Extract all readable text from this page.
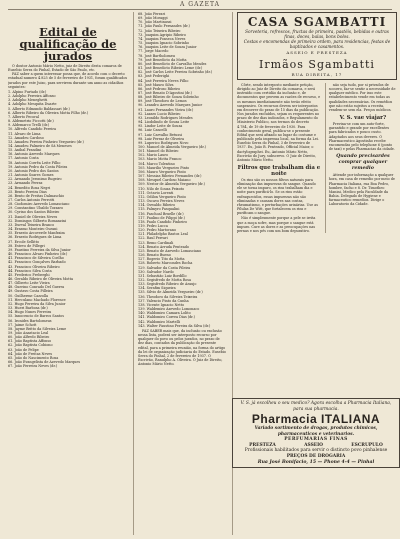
A GAZETA
Edital de qualificação de jurados

O doutor Antonio Mário Netto, juiz de Direito desta comarca de Eusebio Serra do Pinhal, Estado de São Paulo, etc.

FAZ saber a quem interessar possa que, de acordo com o decreto estadual numero 4.825 de 5 de fevereiro de 1931, foram qualificados jurados por este Juizo, para servirem durante um anno as cidadãos seguintes:

1. Alpino Furtado (dr.)
2. Adolpho Ferreira Affonso
3. Adolpho Meneghetti
4. Adolpho Mesquita Duarte
5. Alberto Edmundo Baldassari (dr.)
6. Alberto Ribeiro da Oliveira Motta Filho (dr.)
7. Alberto Pecoral
8. Aldemetrio Ficcotti (dr.)
9. Aldemarco Trelli (dr.)
10. Alfredo Candido Pereira
11. Alvaro de Lima
12. Amadeu Cardoso
13. Amadeu Pereira Pinheiro Vergueiro (dr.)
14. Amadeu Palmeiro de Sá Meneses
15. Anibal Prandini
16. Antonio Azevedo Marques
17. Antonio Costa
18. Antonio Corrêa Leite Filho
19. Antonio Pedro da Costa Pileira
20. Antonio Pedro dos Santos
21. Antonio Soares Gomes
22. Armando Jeronimo Rugeiro
23. Armando Ferraz
24. Benedito Rosa Negri
25. Bento Pereira Dias
26. Bento de Freitas Dalmaschio
27. Carlos Antonio Perrotti
28. Ciodomiro Azevedo Lomasciano
29. Constantino Ubaldo Tozzaro
30. Cyrino dos Santos Ribeiro
31. Daniel de Oliveira Neves
32. Domingos Gilberto Romanzini
33. Durval Teixeira Branco
34. Erasmo Monteiro Ourani
35. Ernesto Arcoverde Manfraim
36. Ernesto Rodrigues de Lima
37. Ercole Sellitto
38. Estevo de Pillegri
39. Faustino Ferreira da Silva Junior
40. Francisco Alvaro Pinheiro (dr.)
41. Francisco de Silveira Coelho
42. Francisco Gonçalves Barbado
43. Francisco Oliveira Ribeiro
44. Francisco Silva Costa
45. Frederico Freberghi
46. Geraldo Ribeiro de Oliveira Motta
47. Gilberto Leite Vieira
48. Guerino Conrado Del Guerra
49. Gustavo Costa Pilleira
50. Guilherme Cazzolla
51. Herculano Machado Florence
52. Hugo Ferreira da Silva Junior
53. Hueri Barbosa (dr.)
54. Hugo Nunes Ferreira
55. Innocencio de Barros Santos
56. Ironides Bartolomeus
57. Jaime Schott
58. Jayme Britto da Silveira Leme
59. João Anastacio Leal
60. João Alfredo Ribeiro
61. João Baptista Affonso
62. João Baptista Cobiono
63. João de Felipe
64. João de Freitas Neves
65. João do Nascimento Rosa
66. João Evangelista de Azevedo Marques
67. João Ferreira Neves (dr.)
68. João Ferrari
69. João Moraggi
70. João Martinussi
71. João Paulo Fernandes (dr.)
72. João Teixeira Ribeiro
73. Joaquim Agripio Ribeiro
74. Joaquim Fonseca Neves
75. Joaquim Ignacio Sobrinho
76. Joaquim Leite de Souza Junior
77. Jorge Macedo
78. José Bartholomeu
79. José Benedicto da Motta
80. José Benedicto de Carvalho Mendes
81. José Benedicto Ribeiro Leme (dr.)
82. José Carlos Leite Pereira Sobrinho (dr.)
83. José Federighi
84. José Ferreira Neves Filho
85. José Mauro Silva
86. José Pedroso Ribeiro
87. José Renato D'Agostini (dr.)
88. José Ribeiro de Souza Sobrinho
89. José Theodoro de Lemos
90. Leandro Azevedo Marques Junior
91. Lauro Fernandes Vieira (dr.)
92. Lazaro Lucio Ribeiro
93. Leonildo Rodrigues Mendes
94. Liodolindo de Souza Leite
95. Lindor Leite de Souza
96. Luiz Cancelli
97. Luiz Carvalho Betussi
98. Luiz Ferraz de Oliveira
99. Luperico Rodrigues Novo
100. Manoel de Almeida Vergueiro (dr.)
101. Manoel do Ribeiro
102. Mario Lauro
103. Mario Motta Franco
104. Marco Tolentino
105. Maurilio Vergueiro Pinto
106. Mauro Vergueiro Pinto
107. Messias Ribeiro Fernandes (dr.)
108. Mesquel Cardoso Maiano
109. Nestor de Almeida Vergueiro (dr.)
110. Nilo de Souza Peixoto
111. Octavio Lorenti
112. Odilon Vergueiro Pinto
113. Oscavo Pereira Neves
114. Oswaldo Ribeiro
115. Palmyro Pasqualini
116. Paschoal Bruelle (dr.)
117. Paulino de Filippi (dr.)
118. Paulo Candido Pinheiro
119. Pedro Lucca
120. Pedro Martorano
121. Philadelpho Bastos Leal
122. Raul Ferrari
123. Remo Cardinali
124. Renato Arruda Penteado
125. Renato de Azevedo Lomasciano
126. Renato Bueno
127. Rogerio Tito da Motta
128. Roberto Marcondes Rocha
129. Salvador da Costa Pileira
130. Salvador Nardo
131. Sebastião Luiz Bordillo
132. Segisfredo de Motta Rosa
133. Segisfredo Ribeiro de Araujo
134. Serafim Siqueira
135. Silvio de Almeida Vergueiro (dr.)
136. Theodoro da Silveira Teixeira
137. Valencio Pinto da Cunha
138. Vicente Ignacio Netto
139. Waldemiro Azevedo Lomonaco
140. Waldomiro Camara Lolito
141. Waldomiro Correa Dias (dr.)
142. Waldomiro Martelli
143. Walter Faustino Pereira da Silva (dr.)
FAZ SABER mais que, da inclusão ou exclusão nessa lista, poderá ser interposto recurso por qualquer do povo ou pelos jurados, no prazo de dez dias, contados da publicação do presente edital, para a primeira reunião, na forma do artigo da lei de organização judiciaria do Estado. Eusebio Serra do Pinhal, 2 de fevereiro de 1937. O Escrivão, Ranulpho A. Oliveira. O Juiz de Direito, Antonio Mário Netto.
CASA SGAMBATTI
Sorveteria, refrescos, fructas de primeira, pastéis, bebidas e outras finas, doces, balas, bons bolos.
Cestas e encomendas de primeira ordem, para residencias, festas de baptizados e casamentos.
ASSEIO E PRESTEZA
Irmãos Sgambatti
RUA DIREITA, 17
Côrte, sendo interposto mediante petição, dirigido ao Juiz de Direito da comarca, e será instruído com certidão da inclusão e, de documentos que provem as razões de recurso, e os mesmos imediatamente não terão efeito suspensivo. Os recursos devem ser interpostos em decorrer do prazo de 15 dias da publicação. Nos jurados excluídos, sejam os requerentes no prazo de dez dias indicados, e Regulamento do Ministerio Publico, nos termos do decreto 4.784, de 19 de fevereiro de 1930. Para conhecimento geral, publica-se o presente Edital que será afixado no lugar do costume e publicado pela imprensa local, na forma da Lei. Eusebio Serra do Pinhal, 3 de fevereiro de 1937. Eu, João B. Penteado, Official Maior, o dactylographei. Eu, Antonio Mário Netto, Escrivão do Jury, subscrevo. O Juiz de Direito, Antonio Mário Netto.
Filtros que trabalham dia e noite
Os rins são os nossos filtros naturais para eliminação das impurezas do sangue. Quando ele se torna impuro, os rins trabalham dia e noite para purificá-lo. Se os rins estão enfraquecidos, essas impurezas não são eliminadas e causam dores nas costas, rheumatismo, e perturbações urinárias. Use as Pílulas De Witt, que fortalecem os rins e purificam o sangue.
Não é simplesmente porque a pele se irrita que a moça sofre, mas porque o sangue está impuro. Cure as dores e as preocupações nas pernas e nos pés com um bom depurativo.
não seja tudo, por si privados de socorro, faz-se sentir a necessidade de qualquer médico. Por isso este estabelecimento vende em todas as qualidades necessárias. Os remédios que não estão sujeitos a receita, vendem-se sem ela. Preços módicos.
V. S. vae viajar?
Previna-se com um auto-forte, garantido e grande por excellentes para fabricados e pouco custo. Adaptados aos seus deveres. O Pharmaceutico Agostinho recebe encomendas pelo telephone 6 (ponto de taxi) e pelas Pharmacias da cidade.
Quando precisardes comprar qualquer remedio
Attende por informação a qualquer hora, em casa de remedio por meio de Pharmacia Italiana, rua Boa Pedro, hombre, facho e 8. Dr. Timotheo Manini, Medico pela Faculdade da Bahia. Delegado de Hygiene e farmaceutico remedios. Dirige o Laboratorio da Cidade.
V. S. já escolheu o seu medico? Agora escolha a Pharmacia Italiana, para sua pharmacia.
Pharmacia ITALIANA
Variado sortimento de drogas, produtos chimicos, pharmaceuticos e veterinarios.
PERFUMARIAS FINAS
PRESTEZA	ASSEIO	ESCRUPULO
Profissionais habilitados para servir o distincto povo pinhalense
PREÇOS DE DROGARIA
Rua José Bonifacio, 15 — Phone 4-4 — Pinhal
